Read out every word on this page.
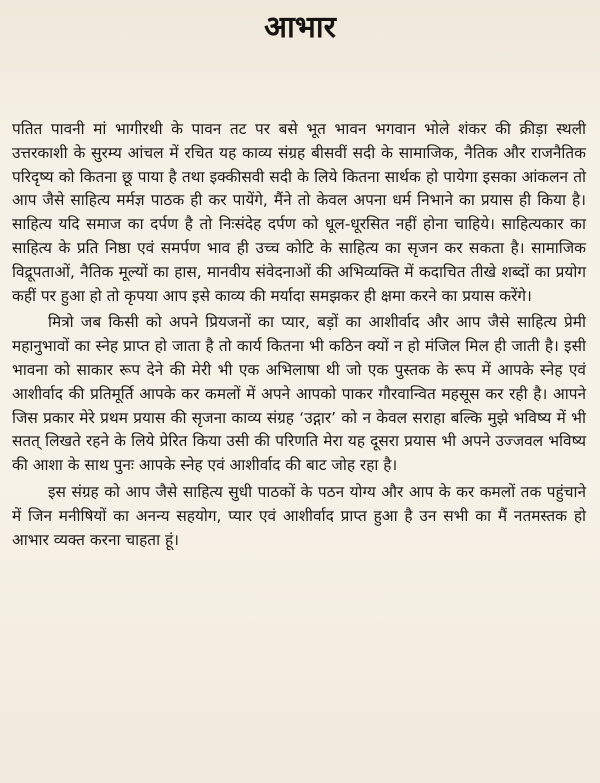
आभार

पतित पावनी मां भागीरथी के पावन तट पर बसे भूत भावन भगवान भोले शंकर की क्रीड़ा स्थली उत्तरकाशी के सुरम्य आंचल में रचित यह काव्य संग्रह बीसवीं सदी के सामाजिक, नैतिक और राजनैतिक परिदृष्य को कितना छू पाया है तथा इक्कीसवी सदी के लिये कितना सार्थक हो पायेगा इसका आंकलन तो आप जैसे साहित्य मर्मज्ञ पाठक ही कर पायेंगे, मैंने तो केवल अपना धर्म निभाने का प्रयास ही किया है। साहित्य यदि समाज का दर्पण है तो निःसंदेह दर्पण को धूल-धूरसित नहीं होना चाहिये। साहित्यकार का साहित्य के प्रति निष्ठा एवं समर्पण भाव ही उच्च कोटि के साहित्य का सृजन कर सकता है। सामाजिक विद्रूपताओं, नैतिक मूल्यों का हास, मानवीय संवेदनाओं की अभिव्यक्ति में कदाचित तीखे शब्दों का प्रयोग कहीं पर हुआ हो तो कृपया आप इसे काव्य की मर्यादा समझकर ही क्षमा करने का प्रयास करेंगे।

मित्रो जब किसी को अपने प्रियजनों का प्यार, बड़ों का आशीर्वाद और आप जैसे साहित्य प्रेमी महानुभावों का स्नेह प्राप्त हो जाता है तो कार्य कितना भी कठिन क्यों न हो मंजिल मिल ही जाती है। इसी भावना को साकार रूप देने की मेरी भी एक अभिलाषा थी जो एक पुस्तक के रूप में आपके स्नेह एवं आशीर्वाद की प्रतिमूर्ति आपके कर कमलों में अपने आपको पाकर गौरवान्वित महसूस कर रही है। आपने जिस प्रकार मेरे प्रथम प्रयास की सृजना काव्य संग्रह ‘उद्गार’ को न केवल सराहा बल्कि मुझे भविष्य में भी सतत् लिखते रहने के लिये प्रेरित किया उसी की परिणति मेरा यह दूसरा प्रयास भी अपने उज्जवल भविष्य की आशा के साथ पुनः आपके स्नेह एवं आशीर्वाद की बाट जोह रहा है।

इस संग्रह को आप जैसे साहित्य सुधी पाठकों के पठन योग्य और आप के कर कमलों तक पहुंचाने में जिन मनीषियों का अनन्य सहयोग, प्यार एवं आशीर्वाद प्राप्त हुआ है उन सभी का मैं नतमस्तक हो आभार व्यक्त करना चाहता हूं।
